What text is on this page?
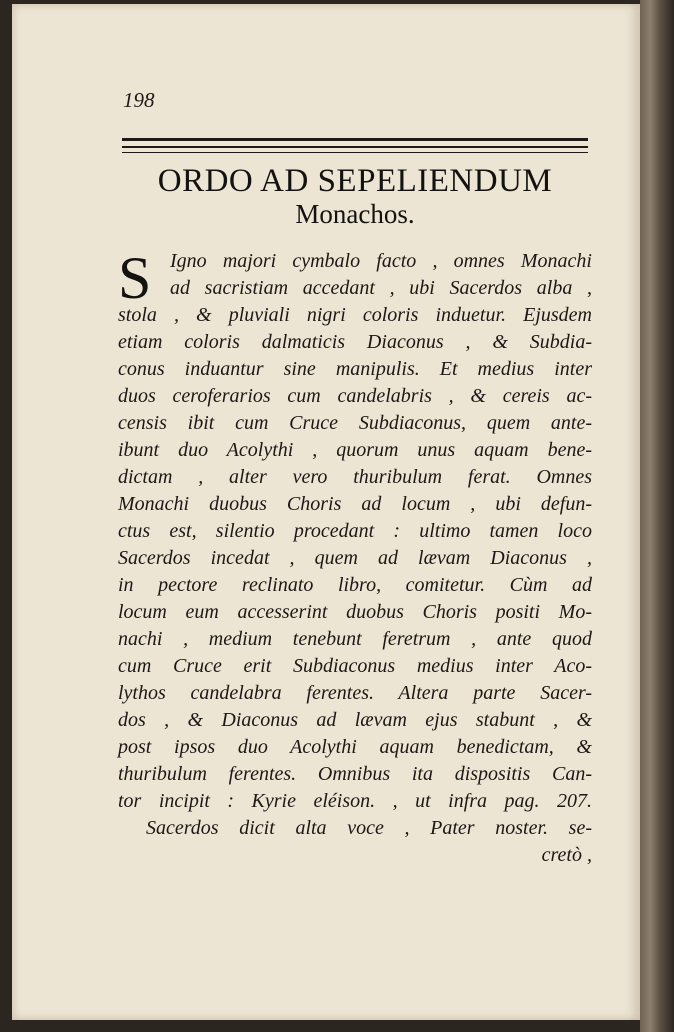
198
ORDO AD SEPELIENDUM
Monachos.
S Igno majori cymbalo facto , omnes Monachi
ad sacristiam accedant , ubi Sacerdos alba ,
stola , & pluviali nigri coloris induetur. Ejusdem
etiam coloris dalmaticis Diaconus , & Subdia-
conus induantur sine manipulis. Et medius inter
duos ceroferarios cum candelabris , & cereis ac-
censis ibit cum Cruce Subdiaconus, quem ante-
ibunt duo Acolythi , quorum unus aquam bene-
dictam , alter vero thuribulum ferat. Omnes
Monachi duobus Choris ad locum , ubi defun-
ctus est, silentio procedant : ultimo tamen loco
Sacerdos incedat , quem ad lævam Diaconus ,
in pectore reclinato libro, comitetur. Cùm ad
locum eum accesserint duobus Choris positi Mo-
nachi , medium tenebunt feretrum , ante quod
cum Cruce erit Subdiaconus medius inter Aco-
lythos candelabra ferentes. Altera parte Sacer-
dos , & Diaconus ad lævam ejus stabunt , &
post ipsos duo Acolythi aquam benedictam, &
thuribulum ferentes. Omnibus ita dispositis Can-
tor incipit : Kyrie eléison. , ut infra pag. 207.
Sacerdos dicit alta voce , Pater noster. se-
cretò ,
